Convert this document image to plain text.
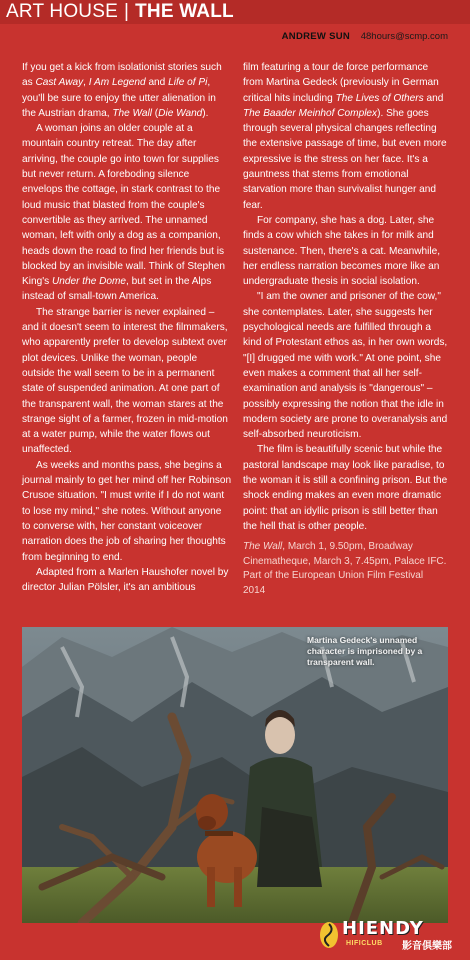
ART HOUSE | THE WALL
ANDREW SUN 48hours@scmp.com

If you get a kick from isolationist stories such as Cast Away, I Am Legend and Life of Pi, you'll be sure to enjoy the utter alienation in the Austrian drama, The Wall (Die Wand).

A woman joins an older couple at a mountain country retreat. The day after arriving, the couple go into town for supplies but never return. A foreboding silence envelops the cottage, in stark contrast to the loud music that blasted from the couple's convertible as they arrived. The unnamed woman, left with only a dog as a companion, heads down the road to find her friends but is blocked by an invisible wall. Think of Stephen King's Under the Dome, but set in the Alps instead of small-town America.

The strange barrier is never explained – and it doesn't seem to interest the filmmakers, who apparently prefer to develop subtext over plot devices. Unlike the woman, people outside the wall seem to be in a permanent state of suspended animation. At one part of the transparent wall, the woman stares at the strange sight of a farmer, frozen in mid-motion at a water pump, while the water flows out unaffected.

As weeks and months pass, she begins a journal mainly to get her mind off her Robinson Crusoe situation. "I must write if I do not want to lose my mind," she notes. Without anyone to converse with, her constant voiceover narration does the job of sharing her thoughts from beginning to end.

Adapted from a Marlen Haushofer novel by director Julian Pölsler, it's an ambitious

film featuring a tour de force performance from Martina Gedeck (previously in German critical hits including The Lives of Others and The Baader Meinhof Complex). She goes through several physical changes reflecting the extensive passage of time, but even more expressive is the stress on her face. It's a gauntness that stems from emotional starvation more than survivalist hunger and fear.

For company, she has a dog. Later, she finds a cow which she takes in for milk and sustenance. Then, there's a cat. Meanwhile, her endless narration becomes more like an undergraduate thesis in social isolation.

"I am the owner and prisoner of the cow," she contemplates. Later, she suggests her psychological needs are fulfilled through a kind of Protestant ethos as, in her own words, "[I] drugged me with work." At one point, she even makes a comment that all her self-examination and analysis is "dangerous" – possibly expressing the notion that the idle in modern society are prone to overanalysis and self-absorbed neuroticism.

The film is beautifully scenic but while the pastoral landscape may look like paradise, to the woman it is still a confining prison. But the shock ending makes an even more dramatic point: that an idyllic prison is still better than the hell that is other people.

The Wall, March 1, 9.50pm, Broadway Cinematheque, March 3, 7.45pm, Palace IFC. Part of the European Union Film Festival 2014
Martina Gedeck's unnamed character is imprisoned by a transparent wall.
HIENDY
HIFICLUB 影音俱樂部
